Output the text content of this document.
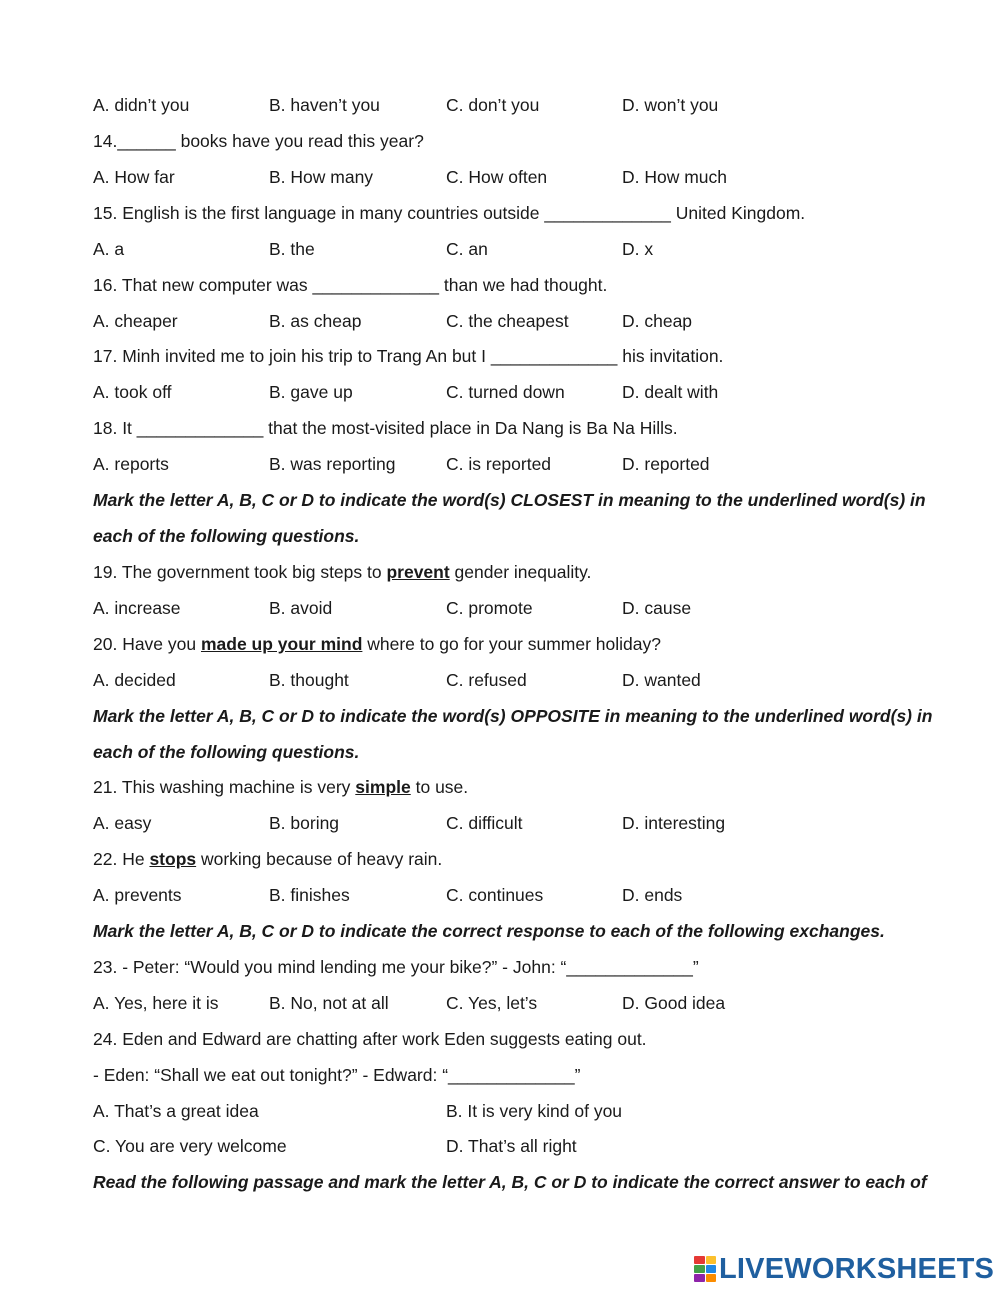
A. didn’t you	B. haven’t you	C. don’t you	D. won’t you
14.______ books have you read this year?
A. How far	B. How many	C. How often	D. How much
15. English is the first language in many countries outside _____________ United Kingdom.
A. a	B. the	C. an	D. x
16. That new computer was _____________ than we had thought.
A. cheaper	B. as cheap	C. the cheapest	D. cheap
17. Minh invited me to join his trip to Trang An but I _____________ his invitation.
A. took off	B. gave up	C. turned down	D. dealt with
18. It _____________ that the most-visited place in Da Nang is Ba Na Hills.
A. reports	B. was reporting	C. is reported	D. reported
Mark the letter A, B, C or D to indicate the word(s) CLOSEST in meaning to the underlined word(s) in
each of the following questions.
19. The government took big steps to prevent gender inequality.
A. increase	B. avoid	C. promote	D. cause
20. Have you made up your mind where to go for your summer holiday?
A. decided	B. thought	C. refused	D. wanted
Mark the letter A, B, C or D to indicate the word(s) OPPOSITE in meaning to the underlined word(s) in
each of the following questions.
21. This washing machine is very simple to use.
A. easy	B. boring	C. difficult	D. interesting
22. He stops working because of heavy rain.
A. prevents	B. finishes	C. continues	D. ends
Mark the letter A, B, C or D to indicate the correct response to each of the following exchanges.
23. - Peter: “Would you mind lending me your bike?” - John: “_____________”
A. Yes, here it is	B. No, not at all	C. Yes, let’s	D. Good idea
24. Eden and Edward are chatting after work Eden suggests eating out.
- Eden: “Shall we eat out tonight?” - Edward: “_____________”
A. That’s a great idea	B. It is very kind of you
C. You are very welcome	D. That’s all right
Read the following passage and mark the letter A, B, C or D to indicate the correct answer to each of
LIVEWORKSHEETS
